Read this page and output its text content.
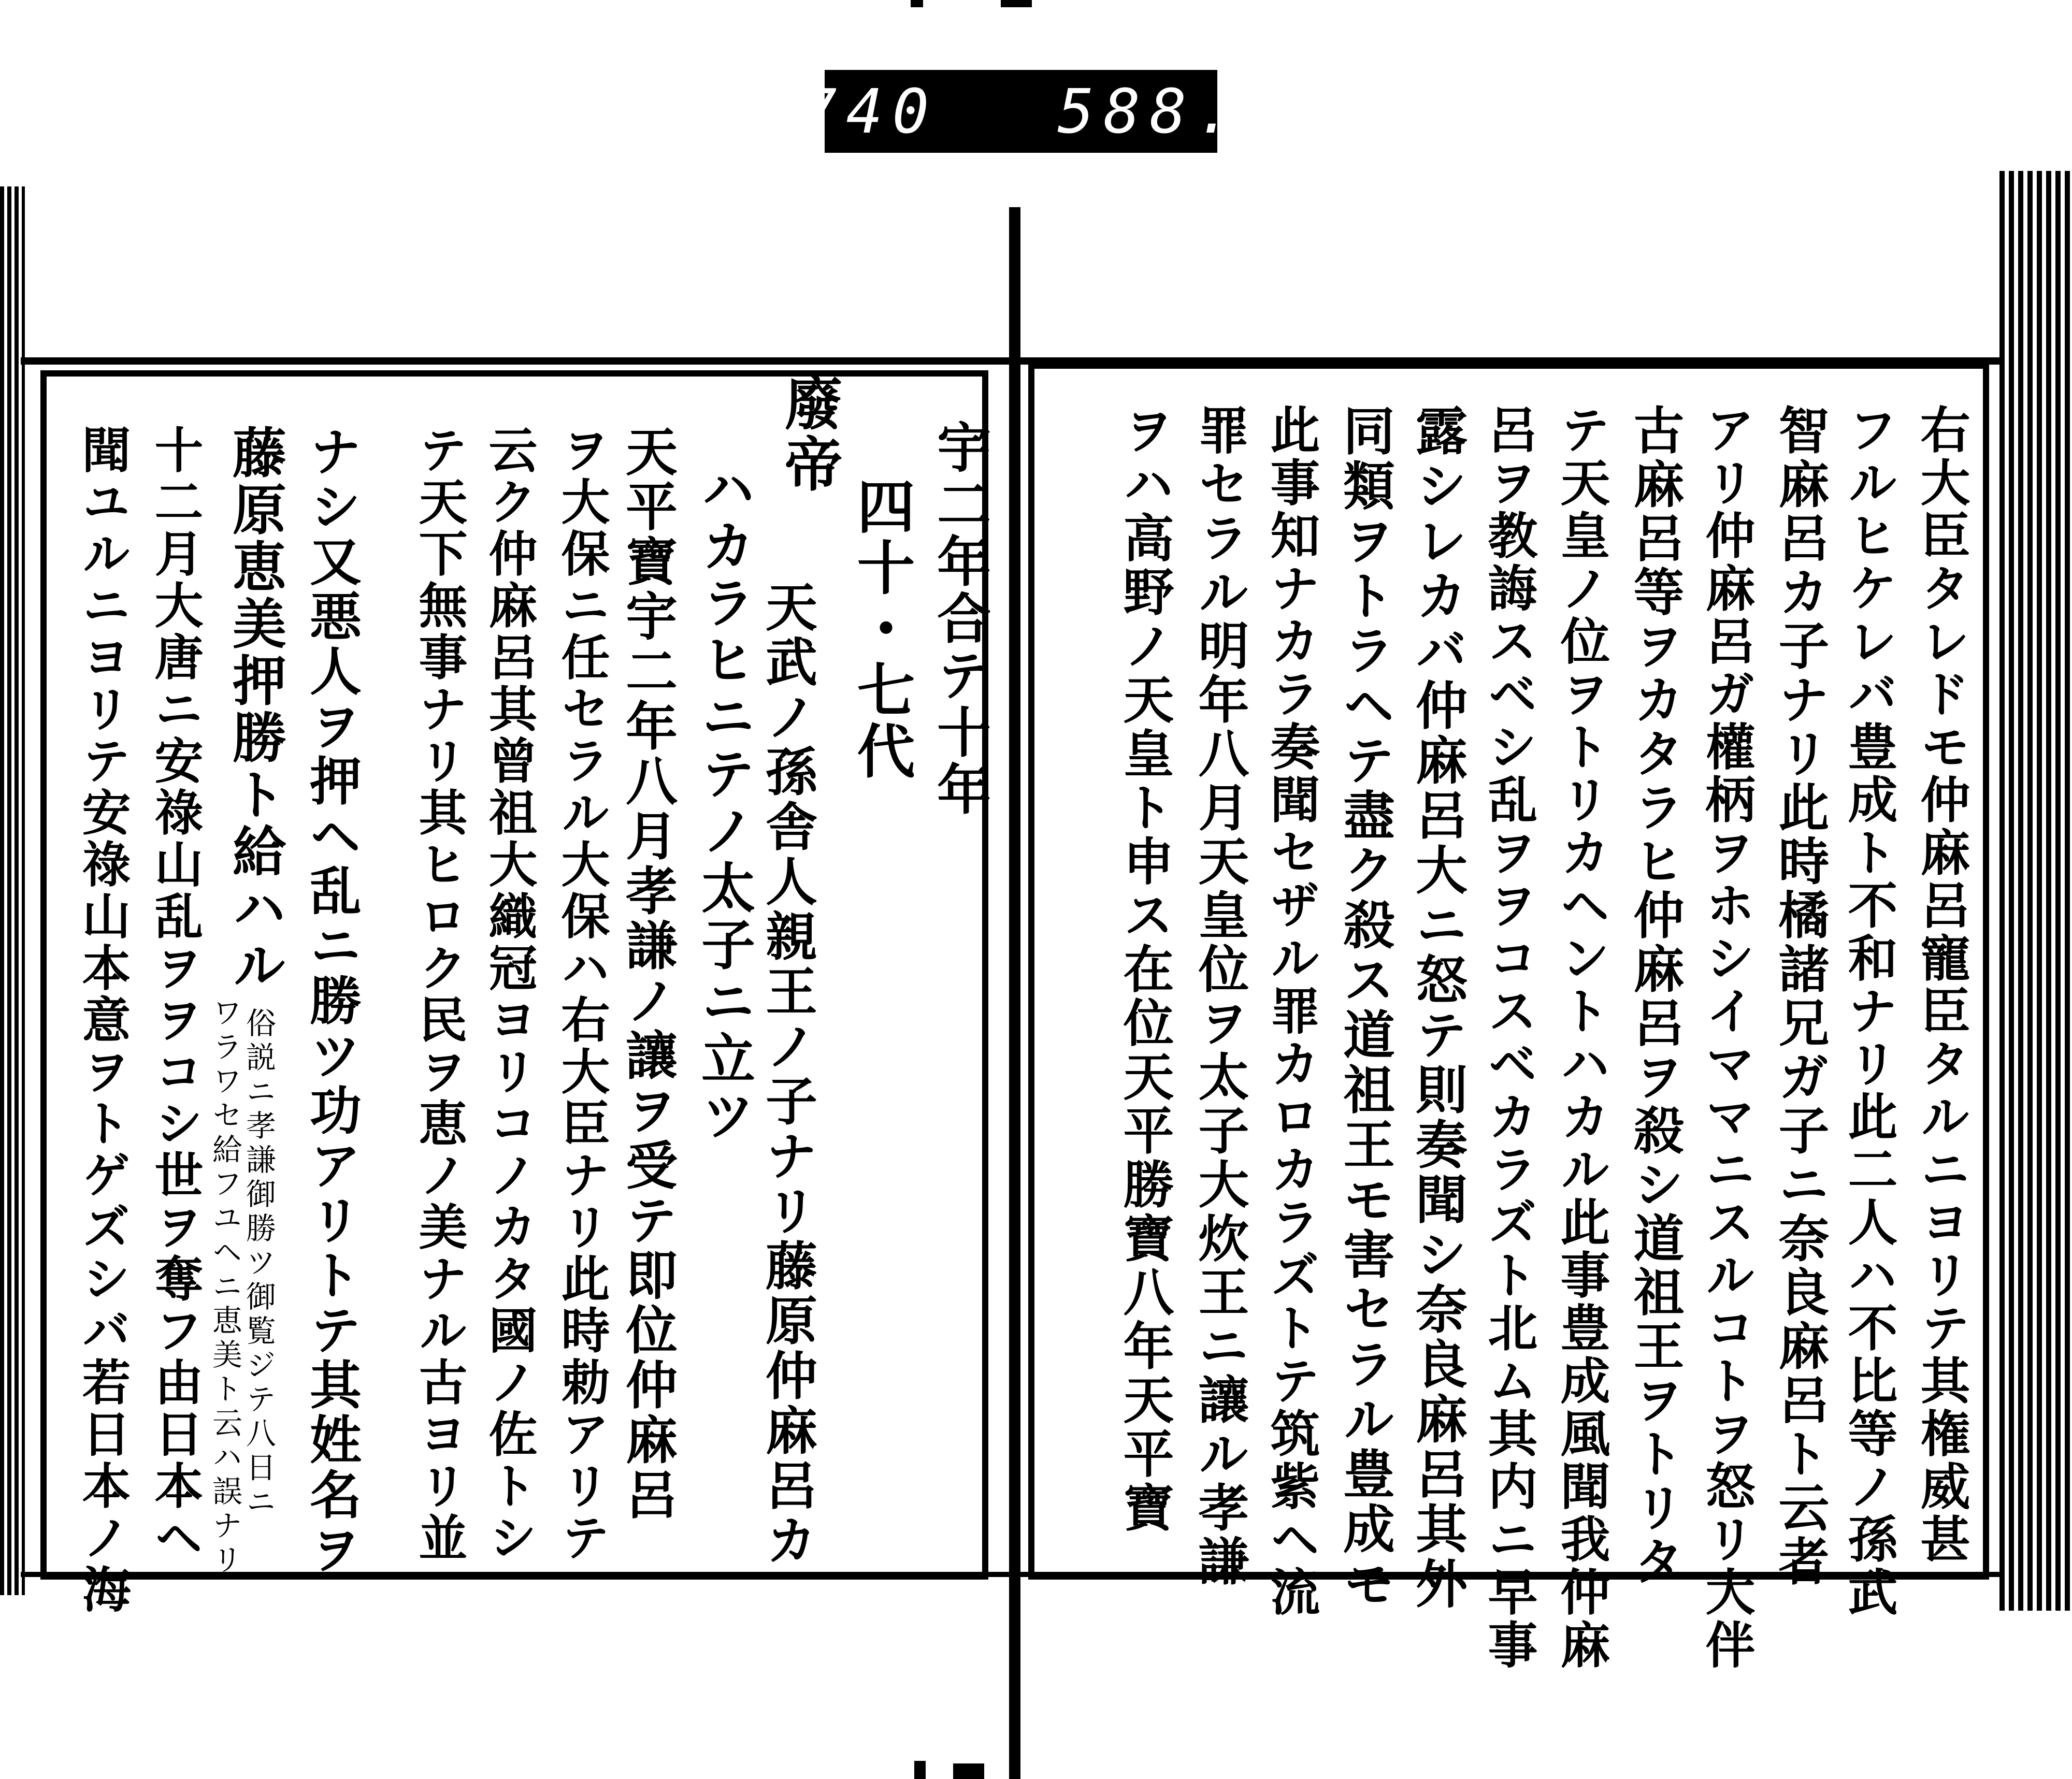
740 588.
宇二年合テ十年
四十・七代
廢帝
天武ノ孫舎人親王ノ子ナリ藤原仲麻呂カ
ハカラヒニテノ太子ニ立ツ
天平寶宇二年八月孝謙ノ讓ヲ受テ即位仲麻呂
ヲ大保ニ任セラル大保ハ右大臣ナリ此時勅アリテ
云ク仲麻呂其曾祖大織冠ヨリコノカタ國ノ佐トシ
テ天下無事ナリ其ヒロク民ヲ恵ノ美ナル古ヨリ並
ナシ又悪人ヲ押ヘ乱ニ勝ツ功アリトテ其姓名ヲ
藤原恵美押勝ト給ハル
俗説ニ孝謙御勝ツ御覧ジテ八日ニ
ワラワセ給フユヘニ恵美ト云ハ誤ナリ
十二月大唐ニ安祿山乱ヲヲコシ世ヲ奪フ由日本ヘ
聞ユルニヨリテ安祿山本意ヲトゲズシバ若日本ノ海	右大臣タレドモ仲麻呂寵臣タルニヨリテ其権威甚
フルヒケレバ豊成ト不和ナリ此二人ハ不比等ノ孫武
智麻呂カ子ナリ此時橘諸兄ガ子ニ奈良麻呂ト云者
アリ仲麻呂ガ權柄ヲホシイママニスルコトヲ怒リ大伴
古麻呂等ヲカタラヒ仲麻呂ヲ殺シ道祖王ヲトリタ
テ天皇ノ位ヲトリカヘントハカル此事豊成風聞我仲麻
呂ヲ教誨スベシ乱ヲヲコスベカラズト北ム其内ニ早事
露シレカバ仲麻呂大ニ怒テ則奏聞シ奈良麻呂其外
同類ヲトラヘテ盡ク殺ス道祖王モ害セラル豊成モ
此事知ナカラ奏聞セザル罪カロカラズトテ筑紫ヘ流
罪セラル明年八月天皇位ヲ太子大炊王ニ讓ル孝謙
ヲハ高野ノ天皇ト申ス在位天平勝寶八年天平寶
